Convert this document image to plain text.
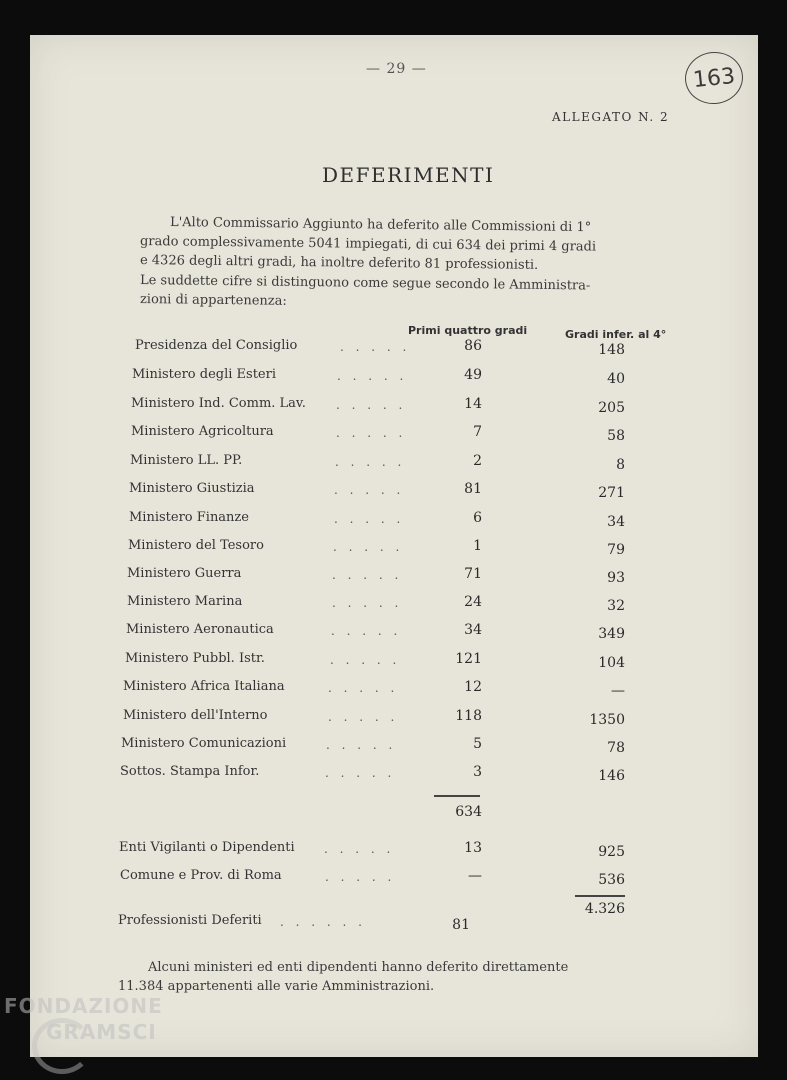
— 29 —	163
ALLEGATO N. 2
DEFERIMENTI
L'Alto Commissario Aggiunto ha deferito alle Commissioni di 1°
grado complessivamente 5041 impiegati, di cui 634 dei primi 4 gradi
e 4326 degli altri gradi, ha inoltre deferito 81 professionisti.
Le suddette cifre si distinguono come segue secondo le Amministra-
zioni di appartenenza:
Primi quattro gradi	Gradi infer. al 4°
Presidenza del Consiglio	. . . . .	86	148
Ministero degli Esteri	. . . . .	49	40
Ministero Ind. Comm. Lav.	. . . . .	14	205
Ministero Agricoltura	. . . . .	7	58
Ministero LL. PP.	. . . . .	2	8
Ministero Giustizia	. . . . .	81	271
Ministero Finanze	. . . . .	6	34
Ministero del Tesoro	. . . . .	1	79
Ministero Guerra	. . . . .	71	93
Ministero Marina	. . . . .	24	32
Ministero Aeronautica	. . . . .	34	349
Ministero Pubbl. Istr.	. . . . .	121	104
Ministero Africa Italiana	. . . . .	12	—
Ministero dell'Interno	. . . . .	118	1350
Ministero Comunicazioni	. . . . .	5	78
Sottos. Stampa Infor.	. . . . .	3	146
634
Enti Vigilanti o Dipendenti . . . . .	13	925
Comune e Prov. di Roma	. . . . .	—	536
4.326
Professionisti Deferiti . . . . . .	81
Alcuni ministeri ed enti dipendenti hanno deferito direttamente
11.384 appartenenti alle varie Amministrazioni.
FONDAZIONE
GRAMSCI
